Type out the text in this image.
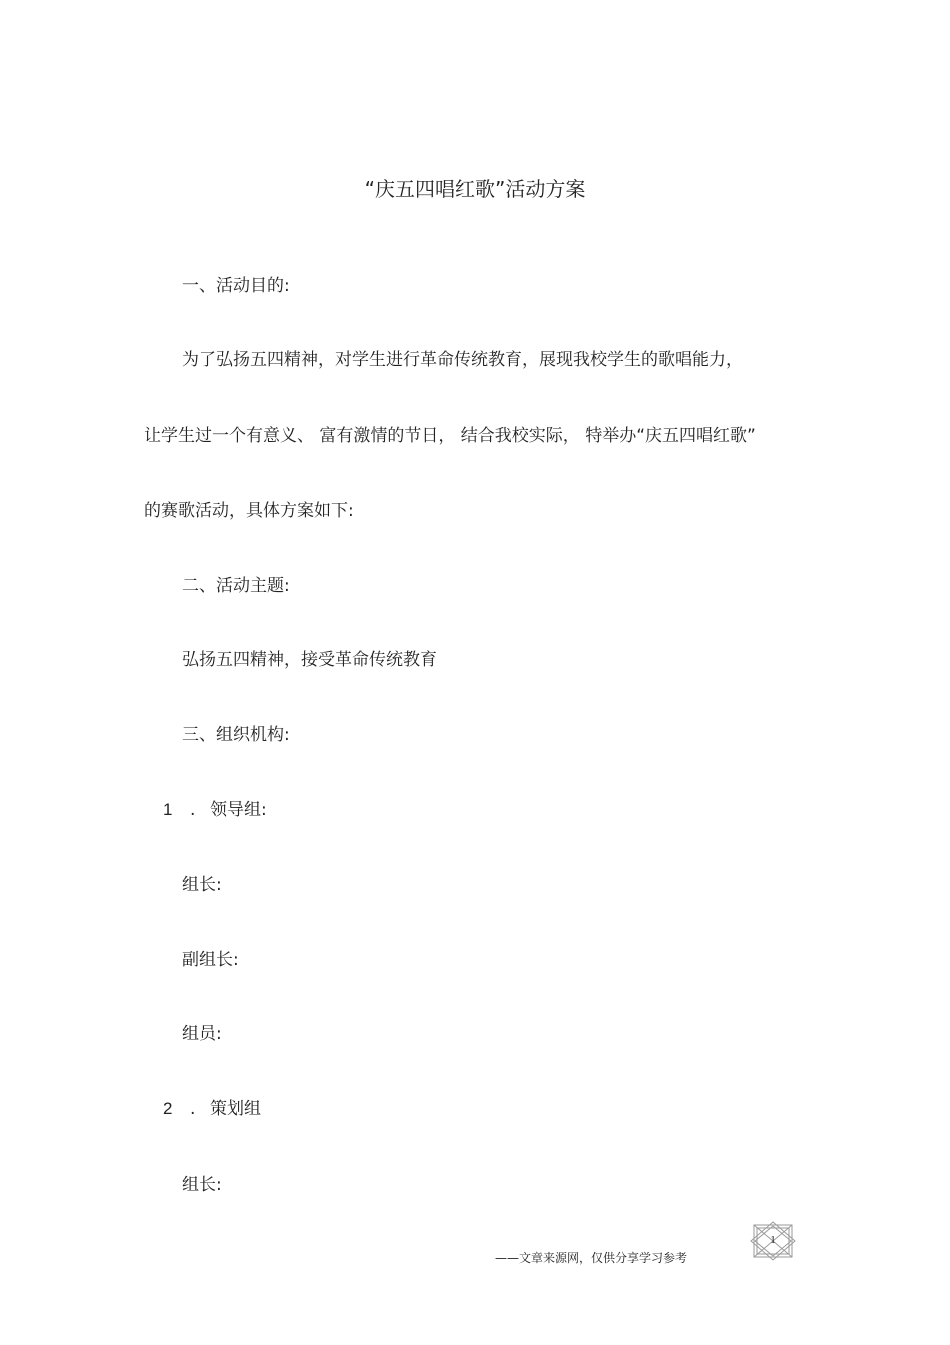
“庆五四唱红歌”活动方案
一、活动目的:
为了弘扬五四精神，对学生进行革命传统教育，展现我校学生的歌唱能力，
让学生过一个有意义、 富有激情的节日， 结合我校实际， 特举办“庆五四唱红歌”
的赛歌活动，具体方案如下:
二、活动主题:
弘扬五四精神，接受革命传统教育
三、组织机构:
1 . 领导组:
组长:
副组长:
组员:
2 . 策划组
组长:
——文章来源网，仅供分享学习参考
1
